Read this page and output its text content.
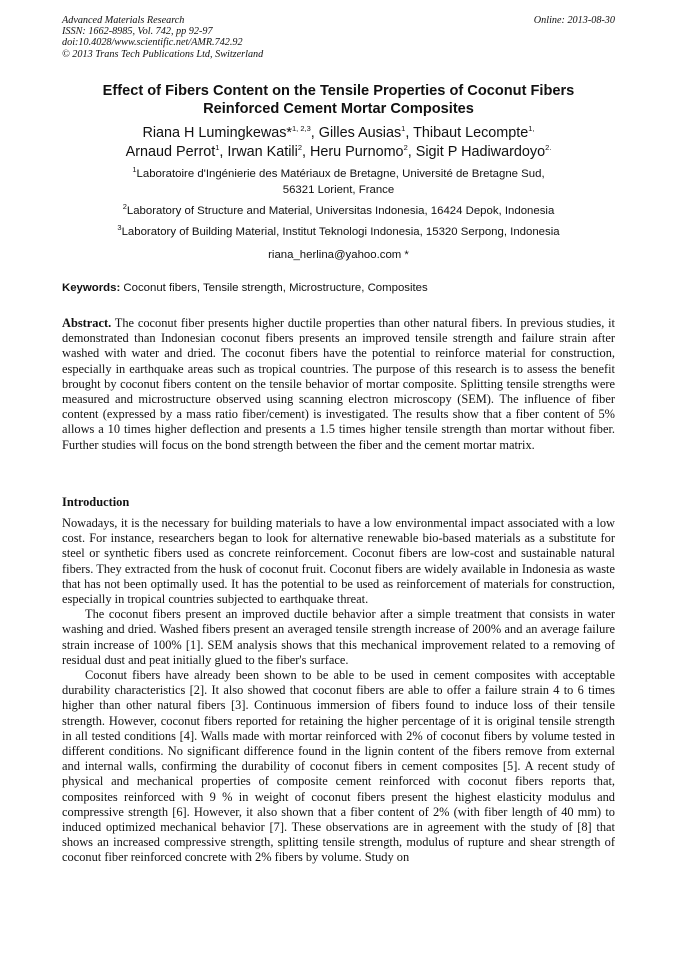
Advanced Materials Research
ISSN: 1662-8985, Vol. 742, pp 92-97
doi:10.4028/www.scientific.net/AMR.742.92
© 2013 Trans Tech Publications Ltd, Switzerland
Online: 2013-08-30
Effect of Fibers Content on the Tensile Properties of Coconut Fibers
Reinforced Cement Mortar Composites
Riana H Lumingkewas*$^{1, 2,3}$, Gilles Ausias$^1$, Thibaut Lecompte$^{1,}$
Arnaud Perrot$^1$, Irwan Katili$^2$, Heru Purnomo$^2$, Sigit P Hadiwardoyo$^{2.}$
$^1$Laboratoire d'Ingénierie des Matériaux de Bretagne, Université de Bretagne Sud,
56321 Lorient, France
$^2$Laboratory of Structure and Material, Universitas Indonesia, 16424 Depok, Indonesia
$^3$Laboratory of Building Material, Institut Teknologi Indonesia, 15320 Serpong, Indonesia
riana_herlina@yahoo.com *
Keywords: Coconut fibers, Tensile strength, Microstructure, Composites

Abstract. The coconut fiber presents higher ductile properties than other natural fibers. In previous studies, it demonstrated than Indonesian coconut fibers presents an improved tensile strength and failure strain after washed with water and dried. The coconut fibers have the potential to reinforce material for construction, especially in earthquake areas such as tropical countries. The purpose of this research is to assess the benefit brought by coconut fibers content on the tensile behavior of mortar composite. Splitting tensile strengths were measured and microstructure observed using scanning electron microscopy (SEM). The influence of fiber content (expressed by a mass ratio fiber/cement) is investigated. The results show that a fiber content of 5% allows a 10 times higher deflection and presents a 1.5 times higher tensile strength than mortar without fiber. Further studies will focus on the bond strength between the fiber and the cement mortar matrix.

Introduction

Nowadays, it is the necessary for building materials to have a low environmental impact associated with a low cost. For instance, researchers began to look for alternative renewable bio-based materials as a substitute for steel or synthetic fibers used as concrete reinforcement. Coconut fibers are low-cost and sustainable natural fibers. They extracted from the husk of coconut fruit. Coconut fibers are widely available in Indonesia as waste that has not been optimally used. It has the potential to be used as reinforcement of materials for construction, especially in tropical countries subjected to earthquake threat.

The coconut fibers present an improved ductile behavior after a simple treatment that consists in water washing and dried. Washed fibers present an averaged tensile strength increase of 200% and an average failure strain increase of 100% [1]. SEM analysis shows that this mechanical improvement related to a removing of residual dust and peat initially glued to the fiber's surface.

Coconut fibers have already been shown to be able to be used in cement composites with acceptable durability characteristics [2]. It also showed that coconut fibers are able to offer a failure strain 4 to 6 times higher than other natural fibers [3]. Continuous immersion of fibers found to induce loss of their tensile strength. However, coconut fibers reported for retaining the higher percentage of it is original tensile strength in all tested conditions [4]. Walls made with mortar reinforced with 2% of coconut fibers by volume tested in different conditions. No significant difference found in the lignin content of the fibers remove from external and internal walls, confirming the durability of coconut fibers in cement composites [5]. A recent study of physical and mechanical properties of composite cement reinforced with coconut fibers reports that, composites reinforced with 9 % in weight of coconut fibers present the highest elasticity modulus and compressive strength [6]. However, it also shown that a fiber content of 2% (with fiber length of 40 mm) to induced optimized mechanical behavior [7]. These observations are in agreement with the study of [8] that shows an increased compressive strength, splitting tensile strength, modulus of rupture and shear strength of coconut fiber reinforced concrete with 2% fibers by volume. Study on
